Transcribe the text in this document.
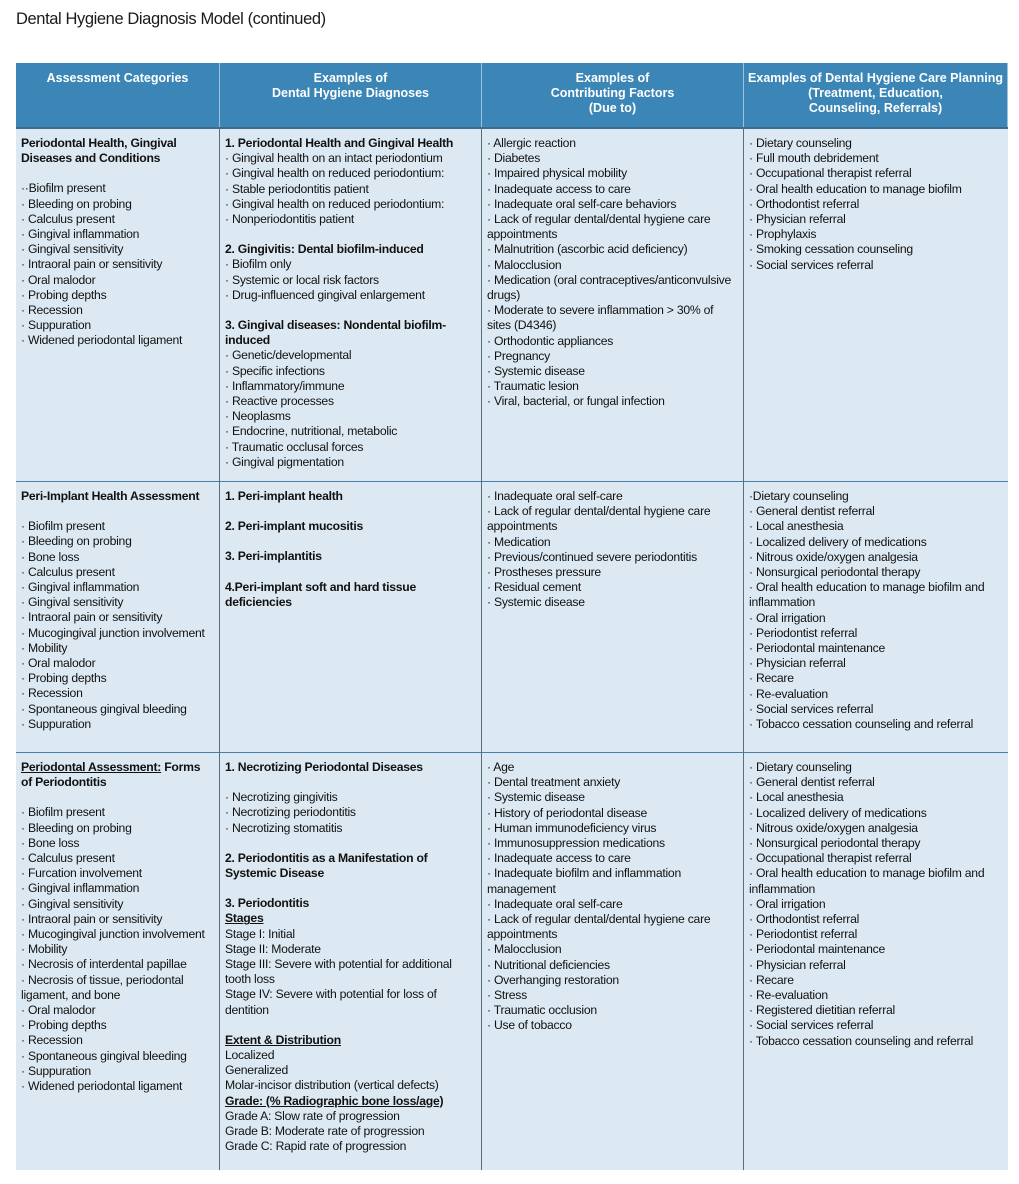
Dental Hygiene Diagnosis Model (continued)
Assessment Categories	Examples of
Dental Hygiene Diagnoses
Examples of
Contributing Factors
(Due to)
Examples of Dental Hygiene Care Planning
(Treatment, Education,
Counseling, Referrals)
Periodontal Health, Gingival Diseases and Conditions
··Biofilm present
· Bleeding on probing
· Calculus present
· Gingival inflammation
· Gingival sensitivity
· Intraoral pain or sensitivity
· Oral malodor
· Probing depths
· Recession
· Suppuration
· Widened periodontal ligament
1. Periodontal Health and Gingival Health
· Gingival health on an intact periodontium
· Gingival health on reduced periodontium:
· Stable periodontitis patient
· Gingival health on reduced periodontium:
· Nonperiodontitis patient
2. Gingivitis: Dental biofilm-induced
· Biofilm only
· Systemic or local risk factors
· Drug-influenced gingival enlargement
3. Gingival diseases: Nondental biofilm-induced
· Genetic/developmental
· Specific infections
· Inflammatory/immune
· Reactive processes
· Neoplasms
· Endocrine, nutritional, metabolic
· Traumatic occlusal forces
· Gingival pigmentation
· Allergic reaction
· Diabetes
· Impaired physical mobility
· Inadequate access to care
· Inadequate oral self-care behaviors
· Lack of regular dental/dental hygiene care appointments
· Malnutrition (ascorbic acid deficiency)
· Malocclusion
· Medication (oral contraceptives/anticonvulsive drugs)
· Moderate to severe inflammation > 30% of sites (D4346)
· Orthodontic appliances
· Pregnancy
· Systemic disease
· Traumatic lesion
· Viral, bacterial, or fungal infection
· Dietary counseling
· Full mouth debridement
· Occupational therapist referral
· Oral health education to manage biofilm
· Orthodontist referral
· Physician referral
· Prophylaxis
· Smoking cessation counseling
· Social services referral
Peri-Implant Health Assessment
· Biofilm present
· Bleeding on probing
· Bone loss
· Calculus present
· Gingival inflammation
· Gingival sensitivity
· Intraoral pain or sensitivity
· Mucogingival junction involvement
· Mobility
· Oral malodor
· Probing depths
· Recession
· Spontaneous gingival bleeding
· Suppuration
1. Peri-implant health
2. Peri-implant mucositis
3. Peri-implantitis
4.Peri-implant soft and hard tissue deficiencies
· Inadequate oral self-care
· Lack of regular dental/dental hygiene care appointments
· Medication
· Previous/continued severe periodontitis
· Prostheses pressure
· Residual cement
· Systemic disease
·Dietary counseling
· General dentist referral
· Local anesthesia
· Localized delivery of medications
· Nitrous oxide/oxygen analgesia
· Nonsurgical periodontal therapy
· Oral health education to manage biofilm and inflammation
· Oral irrigation
· Periodontist referral
· Periodontal maintenance
· Physician referral
· Recare
· Re-evaluation
· Social services referral
· Tobacco cessation counseling and referral
Periodontal Assessment: Forms of Periodontitis
· Biofilm present
· Bleeding on probing
· Bone loss
· Calculus present
· Furcation involvement
· Gingival inflammation
· Gingival sensitivity
· Intraoral pain or sensitivity
· Mucogingival junction involvement
· Mobility
· Necrosis of interdental papillae
· Necrosis of tissue, periodontal ligament, and bone
· Oral malodor
· Probing depths
· Recession
· Spontaneous gingival bleeding
· Suppuration
· Widened periodontal ligament
1. Necrotizing Periodontal Diseases
· Necrotizing gingivitis
· Necrotizing periodontitis
· Necrotizing stomatitis
2. Periodontitis as a Manifestation of Systemic Disease
3. Periodontitis
Stages
Stage I: Initial
Stage II: Moderate
Stage III: Severe with potential for additional tooth loss
Stage IV: Severe with potential for loss of dentition
Extent & Distribution
Localized
Generalized
Molar-incisor distribution (vertical defects)
Grade: (% Radiographic bone loss/age)
Grade A: Slow rate of progression
Grade B: Moderate rate of progression
Grade C: Rapid rate of progression
· Age
· Dental treatment anxiety
· Systemic disease
· History of periodontal disease
· Human immunodeficiency virus
· Immunosuppression medications
· Inadequate access to care
· Inadequate biofilm and inflammation management
· Inadequate oral self-care
· Lack of regular dental/dental hygiene care appointments
· Malocclusion
· Nutritional deficiencies
· Overhanging restoration
· Stress
· Traumatic occlusion
· Use of tobacco
· Dietary counseling
· General dentist referral
· Local anesthesia
· Localized delivery of medications
· Nitrous oxide/oxygen analgesia
· Nonsurgical periodontal therapy
· Occupational therapist referral
· Oral health education to manage biofilm and inflammation
· Oral irrigation
· Orthodontist referral
· Periodontist referral
· Periodontal maintenance
· Physician referral
· Recare
· Re-evaluation
· Registered dietitian referral
· Social services referral
· Tobacco cessation counseling and referral
